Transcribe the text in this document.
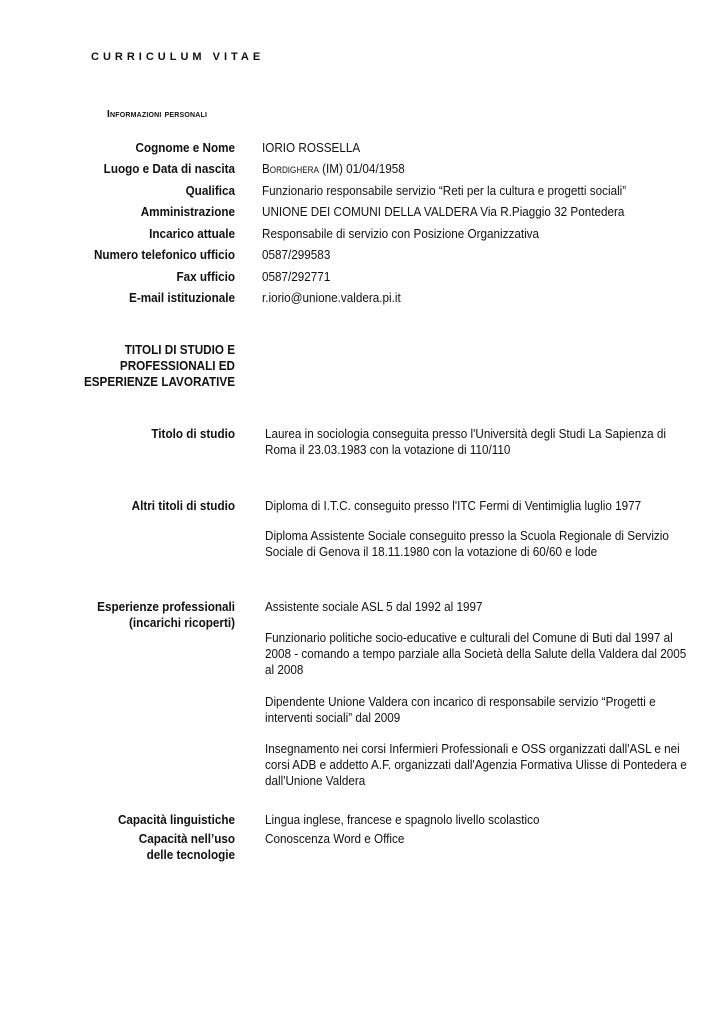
CURRICULUM VITAE
Informazioni personali
Cognome e Nome IORIO ROSSELLA
Luogo e Data di nascita Bordighera (IM) 01/04/1958
Qualifica Funzionario responsabile servizio “Reti per la cultura e progetti sociali”
Amministrazione UNIONE DEI COMUNI DELLA VALDERA Via R.Piaggio 32 Pontedera
Incarico attuale Responsabile di servizio con Posizione Organizzativa
Numero telefonico ufficio 0587/299583
Fax ufficio 0587/292771
E-mail istituzionale r.iorio@unione.valdera.pi.it
TITOLI DI STUDIO E PROFESSIONALI ED ESPERIENZE LAVORATIVE
Titolo di studio Laurea in sociologia conseguita presso l'Università degli Studi La Sapienza di Roma il 23.03.1983 con la votazione di 110/110
Altri titoli di studio Diploma di I.T.C. conseguito presso l'ITC Fermi di Ventimiglia luglio 1977
Diploma Assistente Sociale conseguito presso la Scuola Regionale di Servizio Sociale di Genova il 18.11.1980 con la votazione di 60/60 e lode
Esperienze professionali (incarichi ricoperti)
Assistente sociale ASL 5 dal 1992 al 1997
Funzionario politiche socio-educative e culturali del Comune di Buti dal 1997 al 2008 - comando a tempo parziale alla Società della Salute della Valdera dal 2005 al 2008
Dipendente Unione Valdera con incarico di responsabile servizio “Progetti e interventi sociali” dal 2009
Insegnamento nei corsi Infermieri Professionali e OSS organizzati dall'ASL e nei corsi ADB e addetto A.F. organizzati dall'Agenzia Formativa Ulisse di Pontedera e dall'Unione Valdera
Capacità linguistiche Lingua inglese, francese e spagnolo livello scolastico
Capacità nell’uso delle tecnologie
Conoscenza Word e Office
